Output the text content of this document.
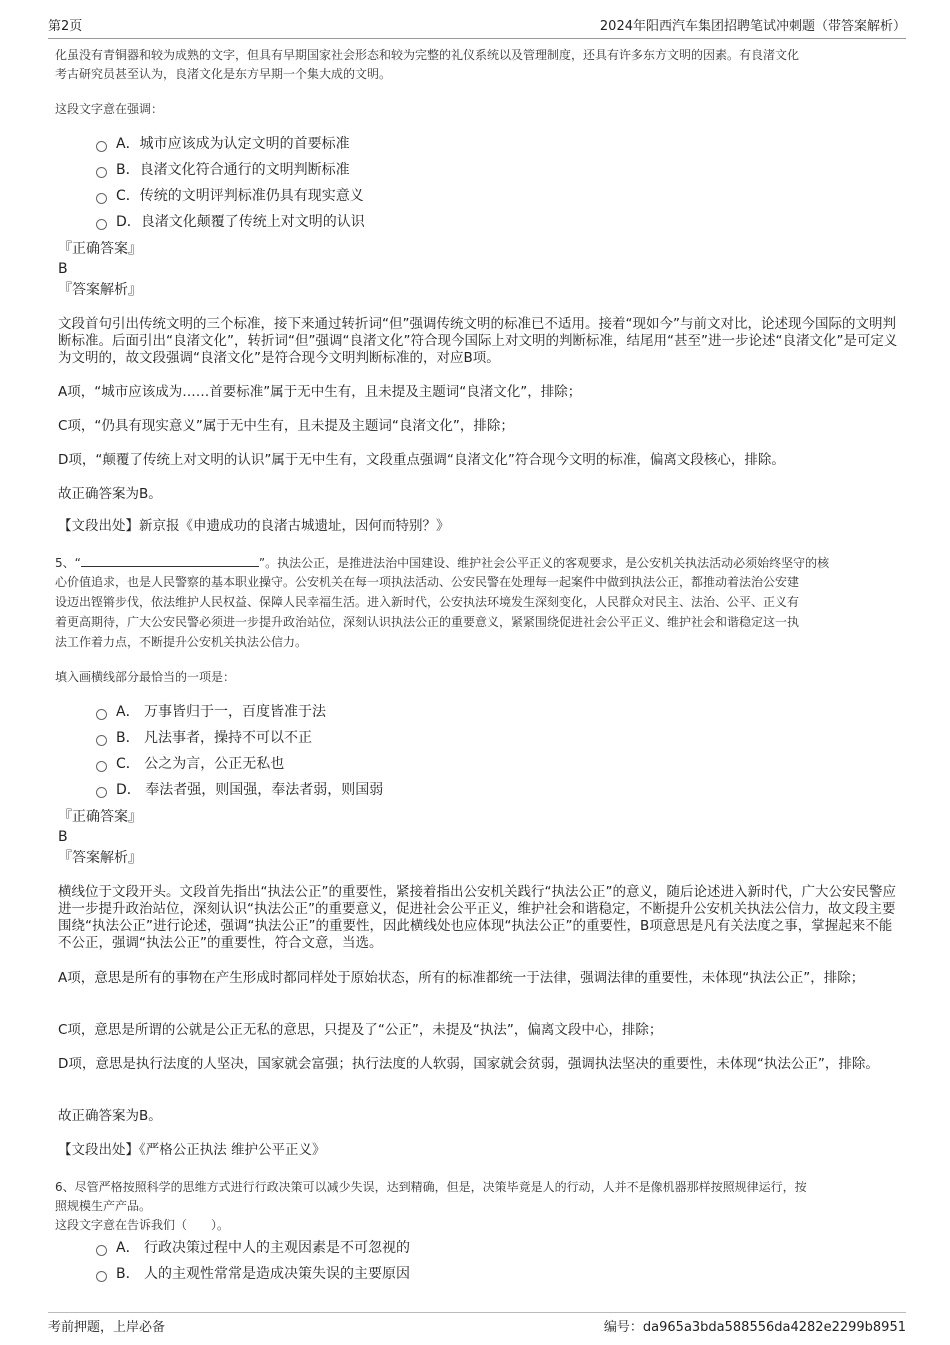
第2页	2024年阳西汽车集团招聘笔试冲刺题（带答案解析）
化虽没有青铜器和较为成熟的文字，但具有早期国家社会形态和较为完整的礼仪系统以及管理制度，还具有许多东方文明的因素。有良渚文化
考古研究员甚至认为，良渚文化是东方早期一个集大成的文明。
这段文字意在强调：
A．城市应该成为认定文明的首要标准
B．良渚文化符合通行的文明判断标准
C．传统的文明评判标准仍具有现实意义
D．良渚文化颠覆了传统上对文明的认识
『正确答案』
B
『答案解析』
文段首句引出传统文明的三个标准，接下来通过转折词“但”强调传统文明的标准已不适用。接着“现如今”与前文对比，论述现今国际的文明判断标准。后面引出“良渚文化”，转折词“但”强调“良渚文化”符合现今国际上对文明的判断标准，结尾用“甚至”进一步论述“良渚文化”是可定义为文明的，故文段强调“良渚文化”是符合现今文明判断标准的，对应B项。
A项，“城市应该成为……首要标准”属于无中生有，且未提及主题词“良渚文化”，排除；
C项，“仍具有现实意义”属于无中生有，且未提及主题词“良渚文化”，排除；
D项，“颠覆了传统上对文明的认识”属于无中生有，文段重点强调“良渚文化”符合现今文明的标准，偏离文段核心，排除。
故正确答案为B。
【文段出处】新京报《申遗成功的良渚古城遗址，因何而特别？》
5、“	”。执法公正，是推进法治中国建设、维护社会公平正义的客观要求，是公安机关执法活动必须始终坚守的核
心价值追求，也是人民警察的基本职业操守。公安机关在每一项执法活动、公安民警在处理每一起案件中做到执法公正，都推动着法治公安建
设迈出铿锵步伐，依法维护人民权益、保障人民幸福生活。进入新时代，公安执法环境发生深刻变化，人民群众对民主、法治、公平、正义有
着更高期待，广大公安民警必须进一步提升政治站位，深刻认识执法公正的重要意义，紧紧围绕促进社会公平正义、维护社会和谐稳定这一执
法工作着力点，不断提升公安机关执法公信力。
填入画横线部分最恰当的一项是：
A． 万事皆归于一，百度皆准于法
B． 凡法事者，操持不可以不正
C． 公之为言，公正无私也
D． 奉法者强，则国强，奉法者弱，则国弱
『正确答案』
B
『答案解析』
横线位于文段开头。文段首先指出“执法公正”的重要性，紧接着指出公安机关践行“执法公正”的意义，随后论述进入新时代，广大公安民警应进一步提升政治站位，深刻认识“执法公正”的重要意义，促进社会公平正义，维护社会和谐稳定，不断提升公安机关执法公信力，故文段主要围绕“执法公正”进行论述，强调“执法公正”的重要性，因此横线处也应体现“执法公正”的重要性，B项意思是凡有关法度之事，掌握起来不能不公正，强调“执法公正”的重要性，符合文意，当选。
A项，意思是所有的事物在产生形成时都同样处于原始状态，所有的标准都统一于法律，强调法律的重要性，未体现“执法公正”，排除；
C项，意思是所谓的公就是公正无私的意思，只提及了“公正”，未提及“执法”，偏离文段中心，排除；
D项，意思是执行法度的人坚决，国家就会富强；执行法度的人软弱，国家就会贫弱，强调执法坚决的重要性，未体现“执法公正”，排除。
故正确答案为B。
【文段出处】《严格公正执法 维护公平正义》
6、尽管严格按照科学的思维方式进行行政决策可以减少失误，达到精确，但是，决策毕竟是人的行动，人并不是像机器那样按照规律运行，按
照规模生产产品。
这段文字意在告诉我们（　　）。
A． 行政决策过程中人的主观因素是不可忽视的
B． 人的主观性常常是造成决策失误的主要原因
考前押题，上岸必备	编号：da965a3bda588556da4282e2299b8951
